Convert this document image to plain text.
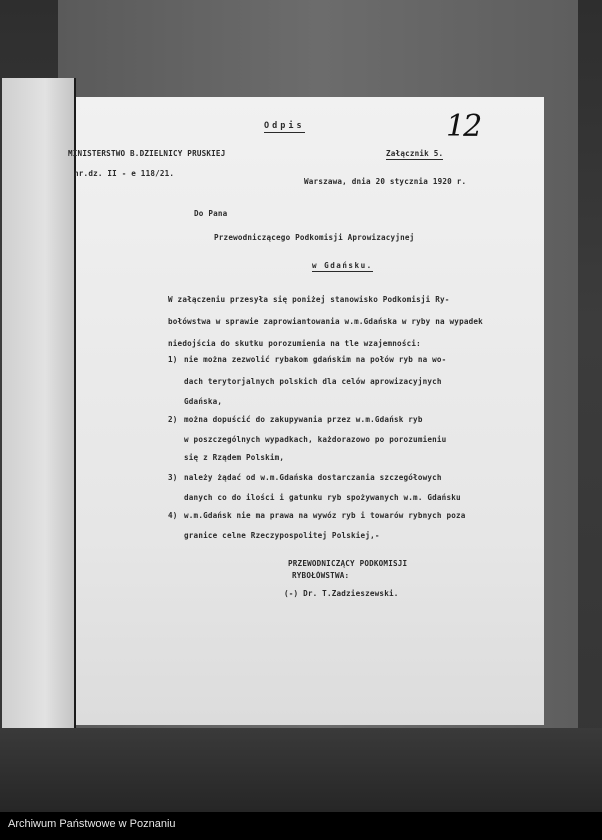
12
Odpis
MINISTERSTWO B.DZIELNICY PRUSKIEJ	Załącznik 5.
nr.dz. II - e 118/21.
Warszawa, dnia 20 stycznia 1920 r.
Do Pana
Przewodniczącego Podkomisji Aprowizacyjnej
w Gdańsku.
W załączeniu przesyła się poniżej stanowisko Podkomisji Ry-
bołówstwa w sprawie zaprowiantowania w.m.Gdańska w ryby na wypadek
niedojścia do skutku porozumienia na tle wzajemności:
1) nie można zezwolić rybakom gdańskim na połów ryb na wo-
dach terytorjalnych polskich dla celów aprowizacyjnych
Gdańska,
2) można dopuścić do zakupywania przez w.m.Gdańsk ryb
w poszczególnych wypadkach, każdorazowo po porozumieniu
się z Rządem Polskim,
3) należy żądać od w.m.Gdańska dostarczania szczegółowych
danych co do ilości i gatunku ryb spożywanych w.m. Gdańsku
4) w.m.Gdańsk nie ma prawa na wywóz ryb i towarów rybnych poza
granice celne Rzeczypospolitej Polskiej,-
PRZEWODNICZĄCY PODKOMISJI
RYBOŁÓWSTWA:
(-) Dr. T.Zadzieszewski.
Archiwum Państwowe w Poznaniu
